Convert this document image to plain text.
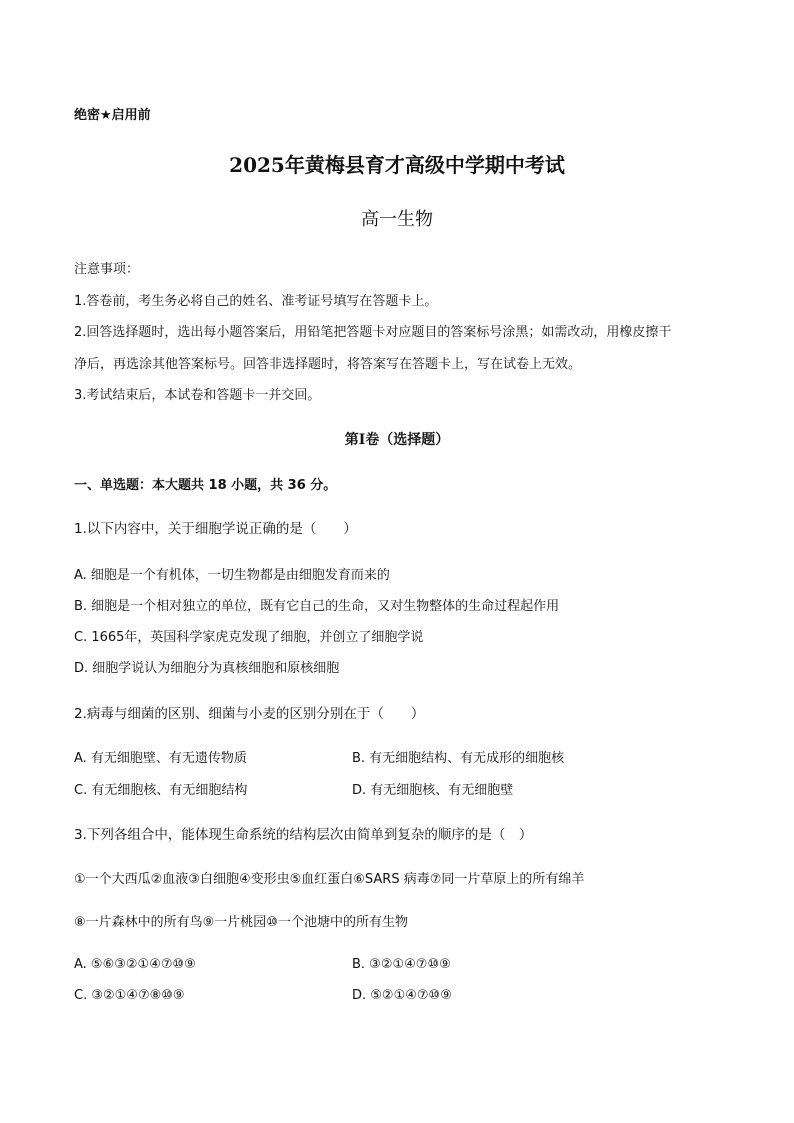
绝密★启用前
2025年黄梅县育才高级中学期中考试
高一生物
注意事项：
1.答卷前，考生务必将自己的姓名、准考证号填写在答题卡上。
2.回答选择题时，选出每小题答案后，用铅笔把答题卡对应题目的答案标号涂黑；如需改动，用橡皮擦干
净后，再选涂其他答案标号。回答非选择题时，将答案写在答题卡上，写在试卷上无效。
3.考试结束后，本试卷和答题卡一并交回。
第Ⅰ卷（选择题）
一、单选题：本大题共 18 小题，共 36 分。
1.以下内容中，关于细胞学说正确的是（　　）
A. 细胞是一个有机体，一切生物都是由细胞发育而来的
B. 细胞是一个相对独立的单位，既有它自己的生命，又对生物整体的生命过程起作用
C. 1665年，英国科学家虎克发现了细胞，并创立了细胞学说
D. 细胞学说认为细胞分为真核细胞和原核细胞
2.病毒与细菌的区别、细菌与小麦的区别分别在于（　　）
A. 有无细胞壁、有无遗传物质	B. 有无细胞结构、有无成形的细胞核
C. 有无细胞核、有无细胞结构	D. 有无细胞核、有无细胞壁
3.下列各组合中，能体现生命系统的结构层次由简单到复杂的顺序的是（　）
①一个大西瓜②血液③白细胞④变形虫⑤血红蛋白⑥SARS 病毒⑦同一片草原上的所有绵羊
⑧一片森林中的所有鸟⑨一片桃园⑩一个池塘中的所有生物
A. ⑤⑥③②①④⑦⑩⑨	B. ③②①④⑦⑩⑨
C. ③②①④⑦⑧⑩⑨	D. ⑤②①④⑦⑩⑨
